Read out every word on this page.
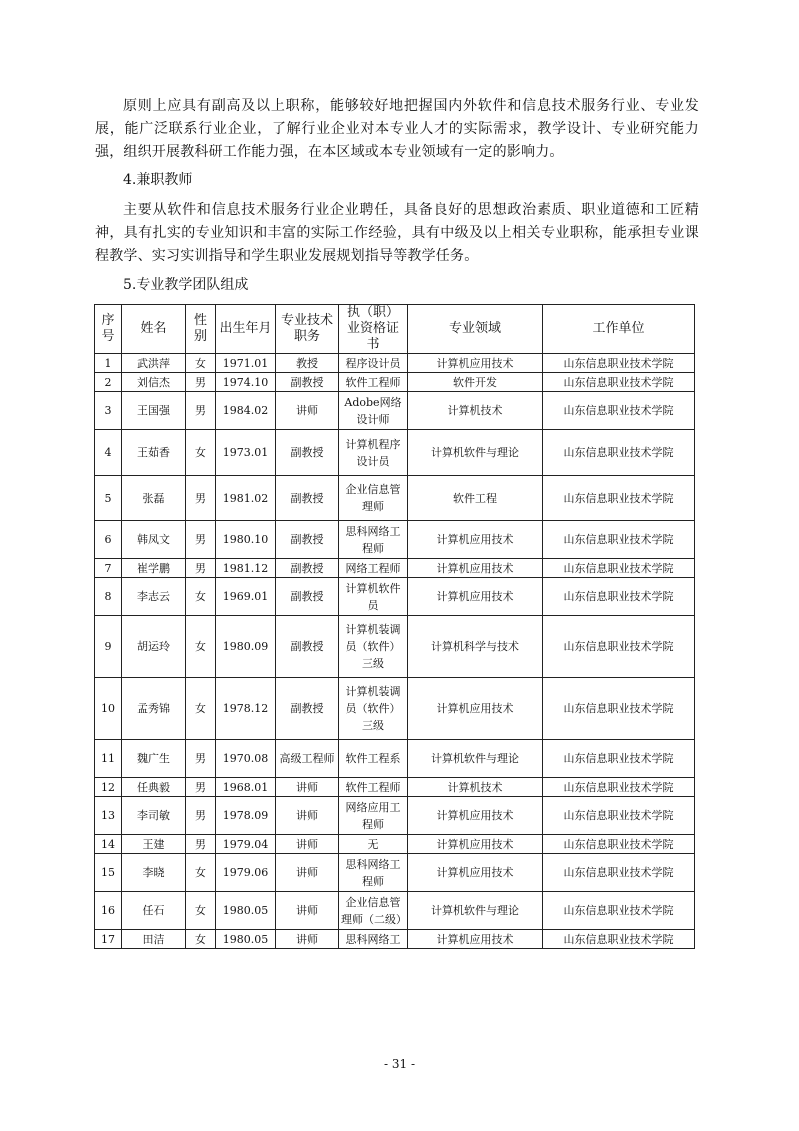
原则上应具有副高及以上职称，能够较好地把握国内外软件和信息技术服务行业、专业发展，能广泛联系行业企业，了解行业企业对本专业人才的实际需求，教学设计、专业研究能力强，组织开展教科研工作能力强，在本区域或本专业领域有一定的影响力。

4.兼职教师

主要从软件和信息技术服务行业企业聘任，具备良好的思想政治素质、职业道德和工匠精神，具有扎实的专业知识和丰富的实际工作经验，具有中级及以上相关专业职称，能承担专业课程教学、实习实训指导和学生职业发展规划指导等教学任务。

5.专业教学团队组成

序号	姓名	性别	出生年月	专业技术职务	执（职）业资格证书	专业领域	工作单位
1	武洪萍	女	1971.01	教授	程序设计员	计算机应用技术	山东信息职业技术学院
2	刘信杰	男	1974.10	副教授	软件工程师	软件开发	山东信息职业技术学院
3	王国强	男	1984.02	讲师	Adobe网络设计师	计算机技术	山东信息职业技术学院
4	王茹香	女	1973.01	副教授	计算机程序设计员	计算机软件与理论	山东信息职业技术学院
5	张磊	男	1981.02	副教授	企业信息管理师	软件工程	山东信息职业技术学院
6	韩凤文	男	1980.10	副教授	思科网络工程师	计算机应用技术	山东信息职业技术学院
7	崔学鹏	男	1981.12	副教授	网络工程师	计算机应用技术	山东信息职业技术学院
8	李志云	女	1969.01	副教授	计算机软件员	计算机应用技术	山东信息职业技术学院
9	胡运玲	女	1980.09	副教授	计算机装调员（软件）三级	计算机科学与技术	山东信息职业技术学院
10	孟秀锦	女	1978.12	副教授	计算机装调员（软件）三级	计算机应用技术	山东信息职业技术学院
11	魏广生	男	1970.08	高级工程师	软件工程系	计算机软件与理论	山东信息职业技术学院
12	任典毅	男	1968.01	讲师	软件工程师	计算机技术	山东信息职业技术学院
13	李司敏	男	1978.09	讲师	网络应用工程师	计算机应用技术	山东信息职业技术学院
14	王建	男	1979.04	讲师	无	计算机应用技术	山东信息职业技术学院
15	李晓	女	1979.06	讲师	思科网络工程师	计算机应用技术	山东信息职业技术学院
16	任石	女	1980.05	讲师	企业信息管理师（二级）	计算机软件与理论	山东信息职业技术学院
17	田洁	女	1980.05	讲师	思科网络工	计算机应用技术	山东信息职业技术学院
- 31 -
